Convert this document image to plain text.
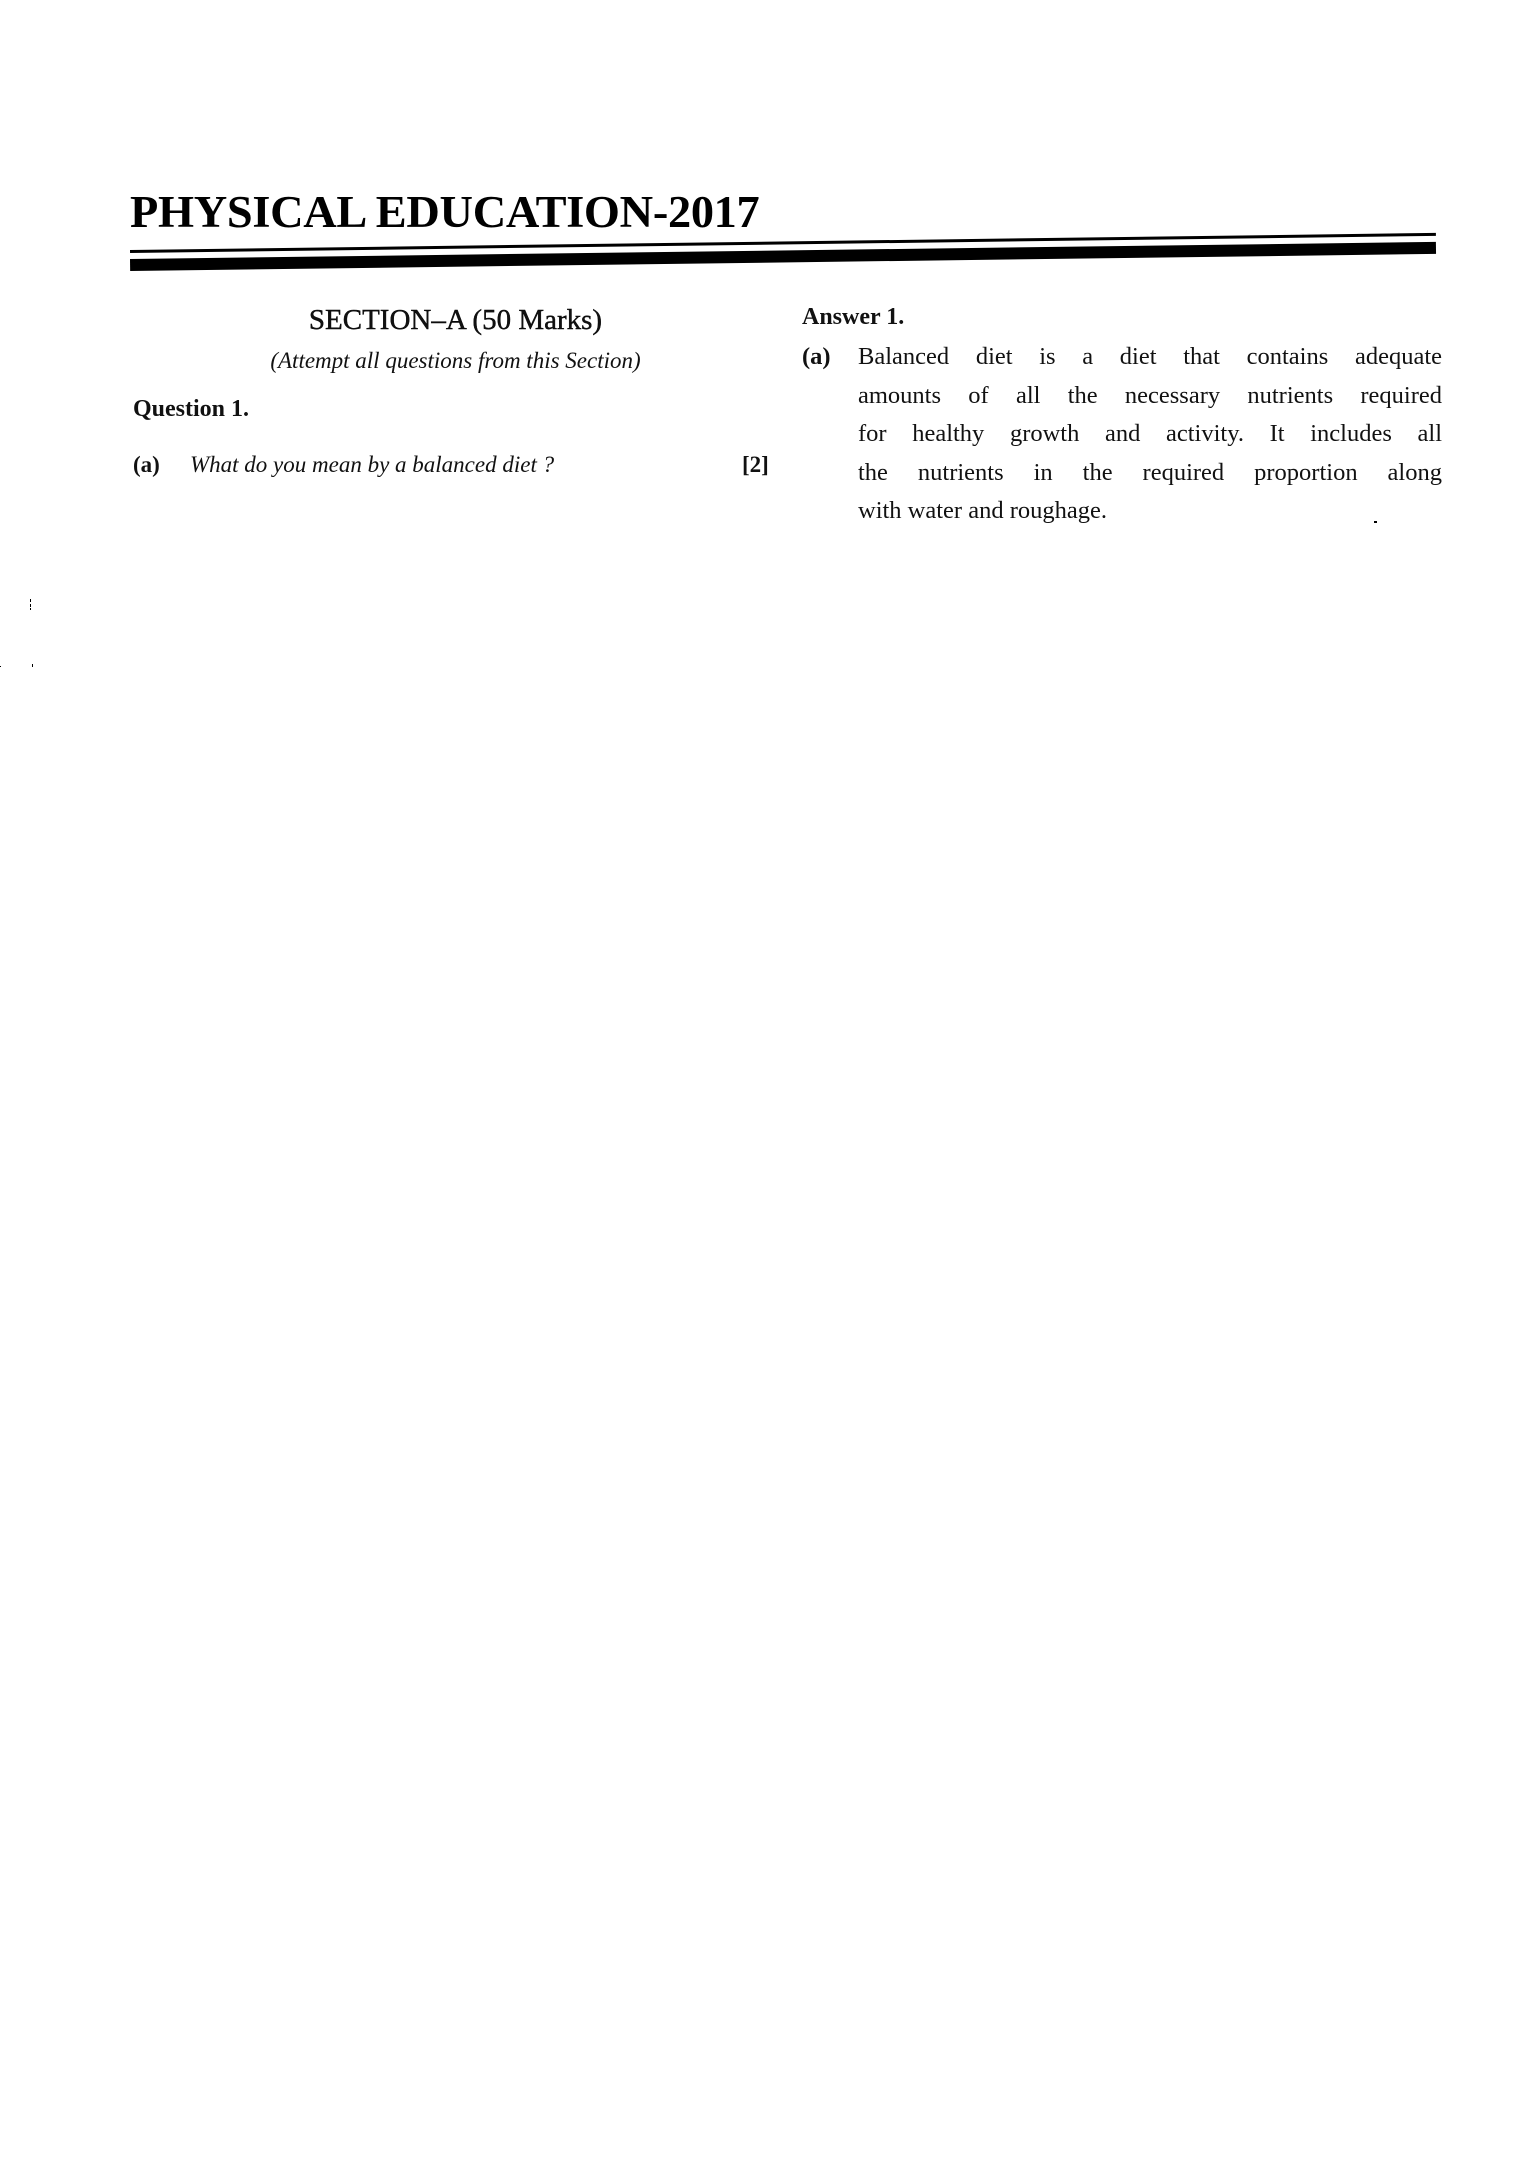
PHYSICAL EDUCATION-2017
SECTION–A (50 Marks)

(Attempt all questions from this Section)

Question 1.

(a) What do you mean by a balanced diet ?	[2]

Answer 1.

(a) Balanced diet is a diet that contains adequate
amounts of all the necessary nutrients required
for healthy growth and activity. It includes all
the nutrients in the required proportion along
with water and roughage.
